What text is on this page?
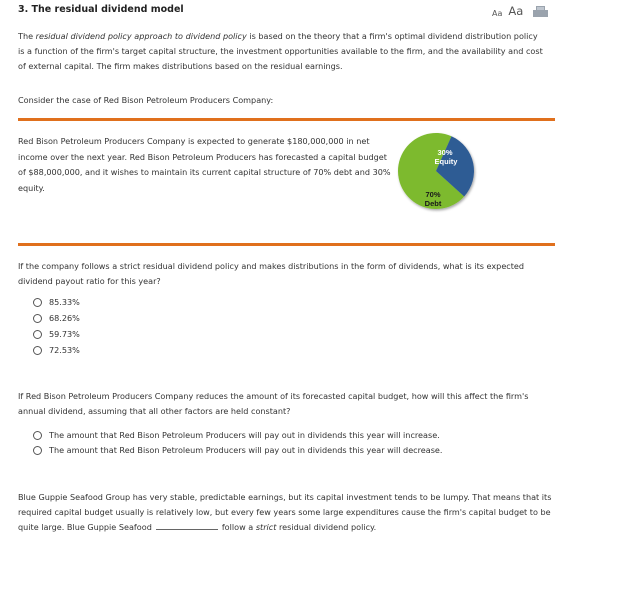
3. The residual dividend model	Aa Aa
The residual dividend policy approach to dividend policy is based on the theory that a firm's optimal dividend distribution policy is a function of the firm's target capital structure, the investment opportunities available to the firm, and the availability and cost of external capital. The firm makes distributions based on the residual earnings.
Consider the case of Red Bison Petroleum Producers Company:
Red Bison Petroleum Producers Company is expected to generate $180,000,000 in net income over the next year. Red Bison Petroleum Producers has forecasted a capital budget of $88,000,000, and it wishes to maintain its current capital structure of 70% debt and 30% equity.
30%
Equity
70%
Debt
If the company follows a strict residual dividend policy and makes distributions in the form of dividends, what is its expected dividend payout ratio for this year?
85.33%
68.26%
59.73%
72.53%
If Red Bison Petroleum Producers Company reduces the amount of its forecasted capital budget, how will this affect the firm's annual dividend, assuming that all other factors are held constant?
The amount that Red Bison Petroleum Producers will pay out in dividends this year will increase.
The amount that Red Bison Petroleum Producers will pay out in dividends this year will decrease.
Blue Guppie Seafood Group has very stable, predictable earnings, but its capital investment tends to be lumpy. That means that its required capital budget usually is relatively low, but every few years some large expenditures cause the firm's capital budget to be quite large. Blue Guppie Seafood	follow a strict residual dividend policy.
